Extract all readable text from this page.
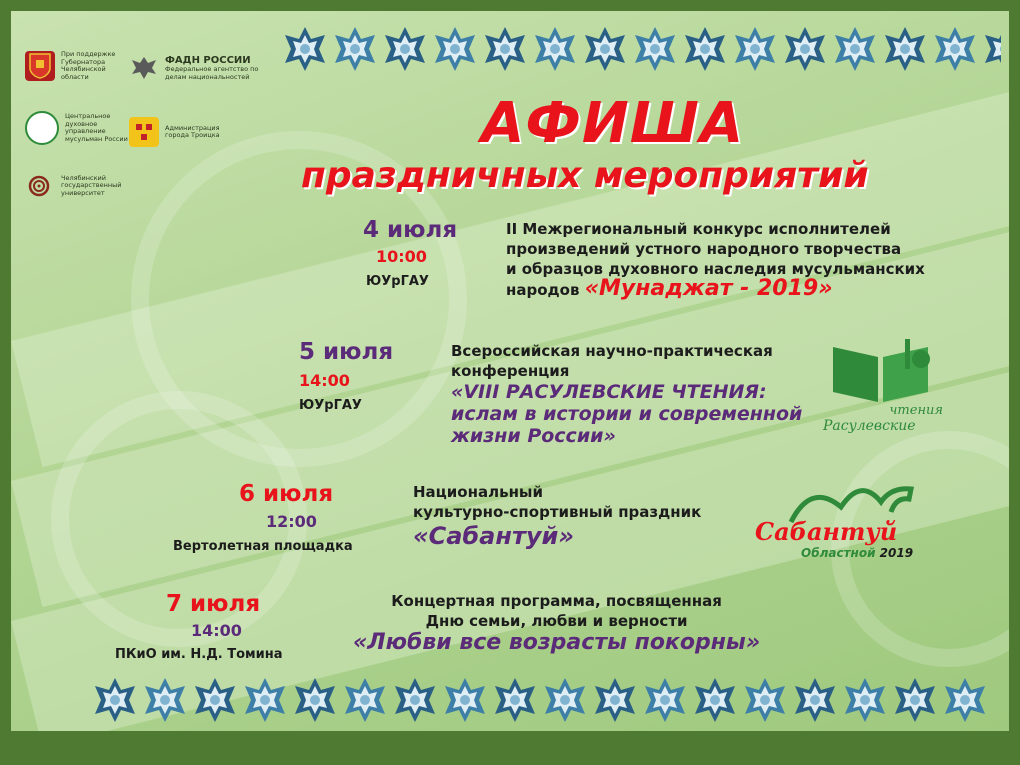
При поддержке Губернатора Челябинской области
ФАДН РОССИИ
Федеральное агентство по делам национальностей
Центральное духовное управление мусульман России
Администрация города Троицка
Челябинский государственный университет
АФИША
праздничных мероприятий
4 июля
10:00
ЮУрГАУ
II Межрегиональный конкурс исполнителей
произведений устного народного творчества
и образцов духовного наследия мусульманских
народов «Мунаджат - 2019»
5 июля
14:00
ЮУрГАУ
Всероссийская научно-практическая
конференция
«VIII РАСУЛЕВСКИЕ ЧТЕНИЯ:
ислам в истории и современной
жизни России»
чтения
Расулевские
6 июля
12:00
Вертолетная площадка
Национальный
культурно-спортивный праздник
«Сабантуй»	Сабантуй
Областной 2019
7 июля
14:00
ПКиО им. Н.Д. Томина
Концертная программа, посвященная
Дню семьи, любви и верности
«Любви все возрасты покорны»
